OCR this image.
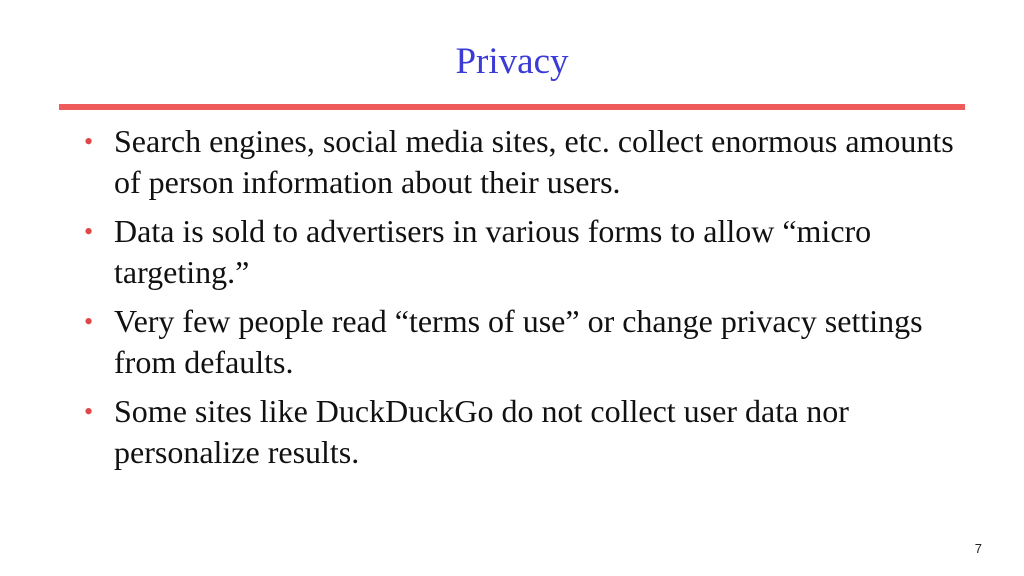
Privacy
• Search engines, social media sites, etc. collect enormous amounts of person information about their users.
• Data is sold to advertisers in various forms to allow “micro targeting.”
• Very few people read “terms of use” or change privacy settings from defaults.
• Some sites like DuckDuckGo do not collect user data nor personalize results.
7
